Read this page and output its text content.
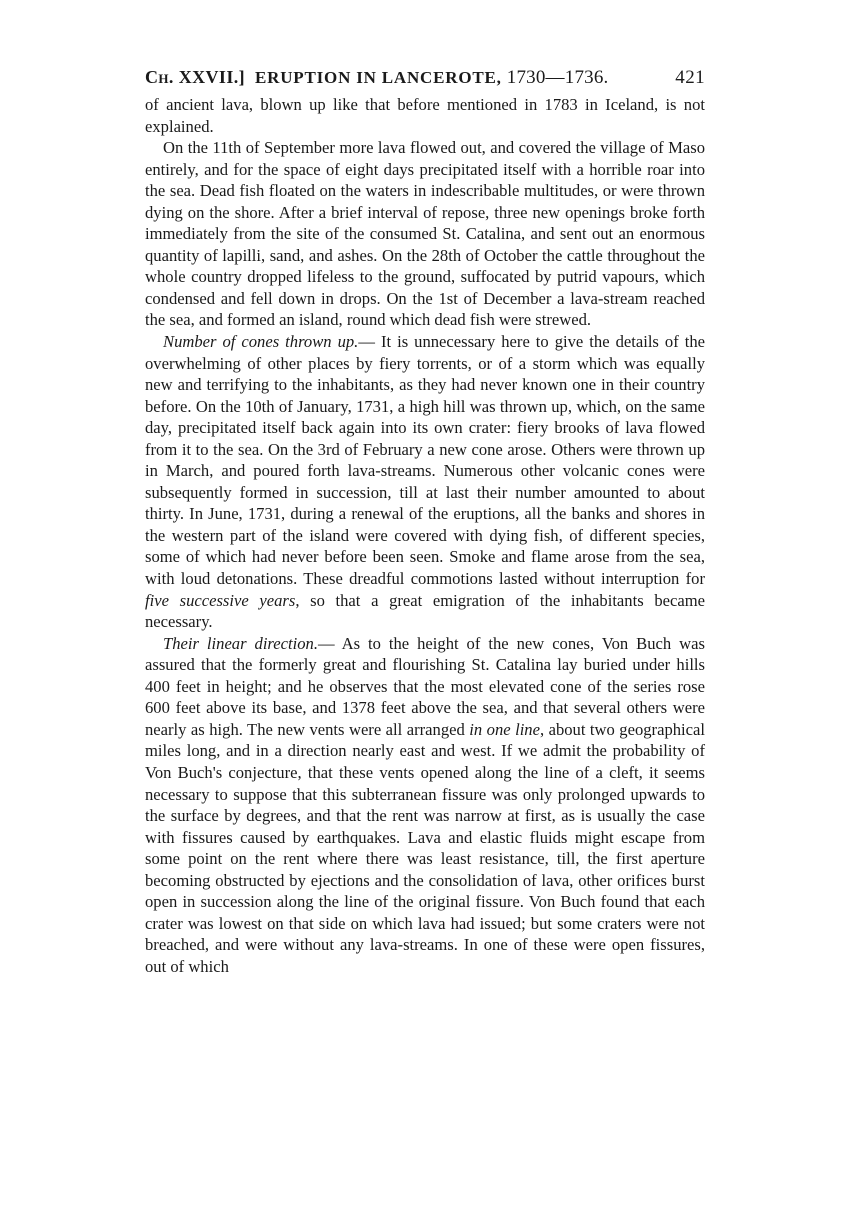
Ch. XXVII.] ERUPTION IN LANCEROTE, 1730—1736.	421

of ancient lava, blown up like that before mentioned in 1783 in Iceland, is not explained.

On the 11th of September more lava flowed out, and covered the village of Maso entirely, and for the space of eight days precipitated itself with a horrible roar into the sea. Dead fish floated on the waters in indescribable multitudes, or were thrown dying on the shore. After a brief interval of repose, three new openings broke forth immediately from the site of the consumed St. Catalina, and sent out an enormous quantity of lapilli, sand, and ashes. On the 28th of October the cattle throughout the whole country dropped lifeless to the ground, suffocated by putrid vapours, which condensed and fell down in drops. On the 1st of December a lava-stream reached the sea, and formed an island, round which dead fish were strewed.

Number of cones thrown up.— It is unnecessary here to give the details of the overwhelming of other places by fiery torrents, or of a storm which was equally new and terrifying to the inhabitants, as they had never known one in their country before. On the 10th of January, 1731, a high hill was thrown up, which, on the same day, precipitated itself back again into its own crater: fiery brooks of lava flowed from it to the sea. On the 3rd of February a new cone arose. Others were thrown up in March, and poured forth lava-streams. Numerous other volcanic cones were subsequently formed in succession, till at last their number amounted to about thirty. In June, 1731, during a renewal of the eruptions, all the banks and shores in the western part of the island were covered with dying fish, of different species, some of which had never before been seen. Smoke and flame arose from the sea, with loud detonations. These dreadful commotions lasted without interruption for five successive years, so that a great emigration of the inhabitants became necessary.

Their linear direction.— As to the height of the new cones, Von Buch was assured that the formerly great and flourishing St. Catalina lay buried under hills 400 feet in height; and he observes that the most elevated cone of the series rose 600 feet above its base, and 1378 feet above the sea, and that several others were nearly as high. The new vents were all arranged in one line, about two geographical miles long, and in a direction nearly east and west. If we admit the probability of Von Buch's conjecture, that these vents opened along the line of a cleft, it seems necessary to suppose that this subterranean fissure was only prolonged upwards to the surface by degrees, and that the rent was narrow at first, as is usually the case with fissures caused by earthquakes. Lava and elastic fluids might escape from some point on the rent where there was least resistance, till, the first aperture becoming obstructed by ejections and the consolidation of lava, other orifices burst open in succession along the line of the original fissure. Von Buch found that each crater was lowest on that side on which lava had issued; but some craters were not breached, and were without any lava-streams. In one of these were open fissures, out of which
